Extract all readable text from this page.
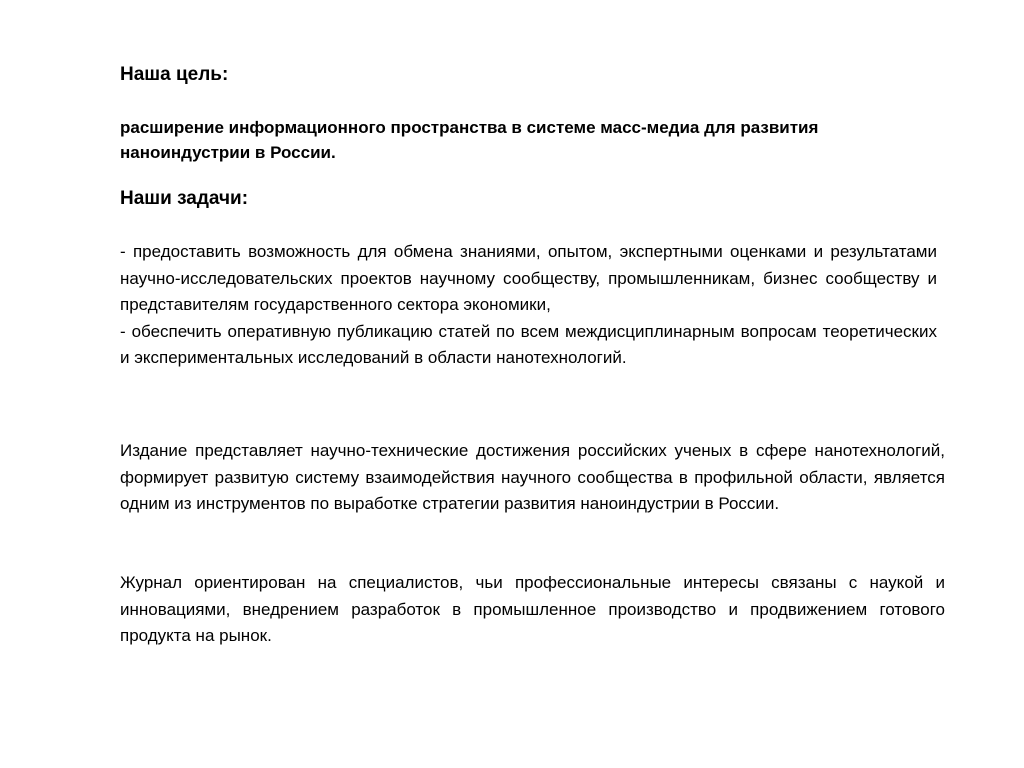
Наша цель:

расширение информационного пространства в системе масс-медиа для развития наноиндустрии в России.

Наши задачи:

- предоставить возможность для обмена знаниями, опытом, экспертными оценками и результатами научно-исследовательских проектов научному сообществу, промышленникам, бизнес сообществу и представителям государственного сектора экономики,

- обеспечить оперативную публикацию статей по всем междисциплинарным вопросам теоретических и экспериментальных исследований в области нанотехнологий.

Издание представляет научно-технические достижения российских ученых в сфере нанотехнологий, формирует развитую систему взаимодействия научного сообщества в профильной области, является одним из инструментов по выработке стратегии развития наноиндустрии в России.

Журнал ориентирован на специалистов, чьи профессиональные интересы связаны с наукой и инновациями, внедрением разработок в промышленное производство и продвижением готового продукта на рынок.
